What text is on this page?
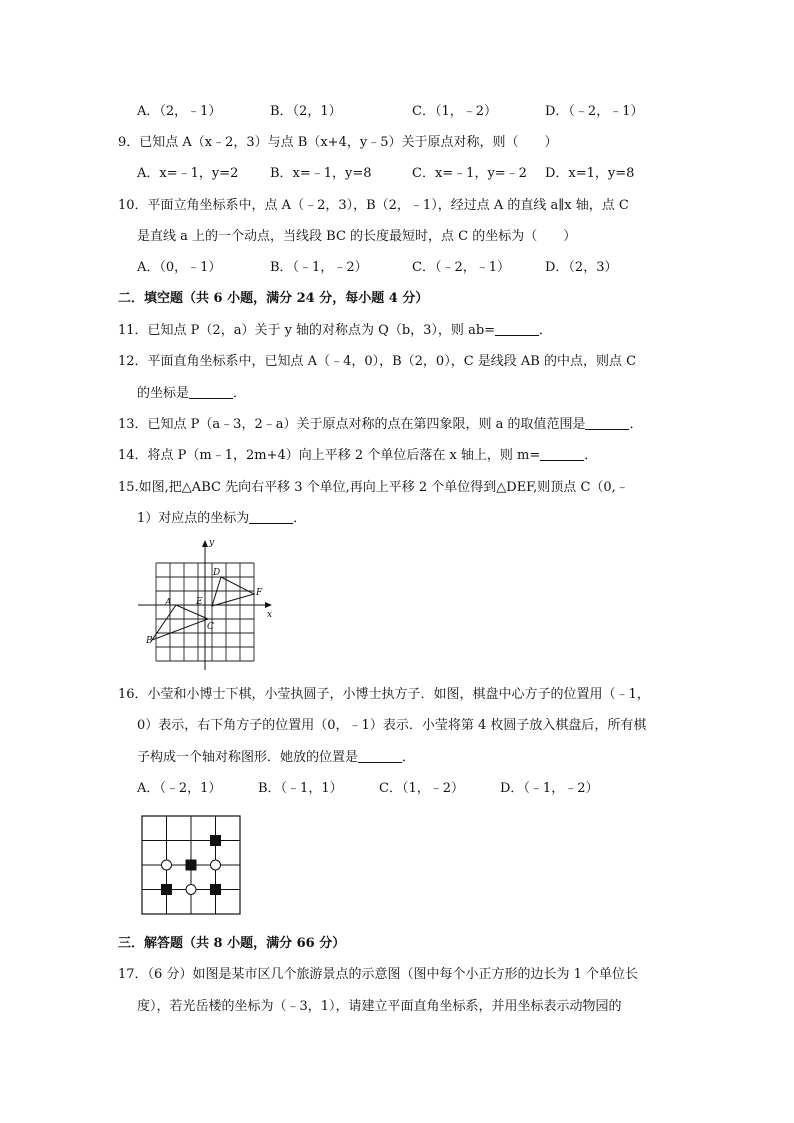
A．（2，﹣1）	B．（2，1）	C．（1，﹣2）	D．（﹣2，﹣1）
9．已知点 A（x﹣2，3）与点 B（x+4，y﹣5）关于原点对称，则（　　）
A．x=﹣1，y=2 B．x=﹣1，y=8	C．x=﹣1，y=﹣2 D．x=1，y=8
10．平面立角坐标系中，点 A（﹣2，3），B（2，﹣1），经过点 A 的直线 a∥x 轴，点 C
是直线 a 上的一个动点，当线段 BC 的长度最短时，点 C 的坐标为（　　）
A．（0，﹣1）	B．（﹣1，﹣2）	C．（﹣2，﹣1）	D．（2，3）
二．填空题（共 6 小题，满分 24 分，每小题 4 分）
11．已知点 P（2，a）关于 y 轴的对称点为 Q（b，3），则 ab=	．
12．平面直角坐标系中，已知点 A（﹣4，0），B（2，0），C 是线段 AB 的中点，则点 C
的坐标是	．
13．已知点 P（a﹣3，2﹣a）关于原点对称的点在第四象限，则 a 的取值范围是	．
14．将点 P（m﹣1，2m+4）向上平移 2 个单位后落在 x 轴上，则 m=	．
15.如图,把△ABC 先向右平移 3 个单位,再向上平移 2 个单位得到△DEF,则顶点 C（0,﹣
1）对应点的坐标为	．
y
x
A
B
C
D
E
F
16．小莹和小博士下棋，小莹执圆子，小博士执方子．如图，棋盘中心方子的位置用（﹣1，
0）表示，右下角方子的位置用（0，﹣1）表示．小莹将第 4 枚圆子放入棋盘后，所有棋
子构成一个轴对称图形．她放的位置是	．
A．（﹣2，1）	B．（﹣1，1）	C．（1，﹣2）	D．（﹣1，﹣2）
三．解答题（共 8 小题，满分 66 分）
17．（6 分）如图是某市区几个旅游景点的示意图（图中每个小正方形的边长为 1 个单位长
度），若光岳楼的坐标为（﹣3，1），请建立平面直角坐标系，并用坐标表示动物园的
